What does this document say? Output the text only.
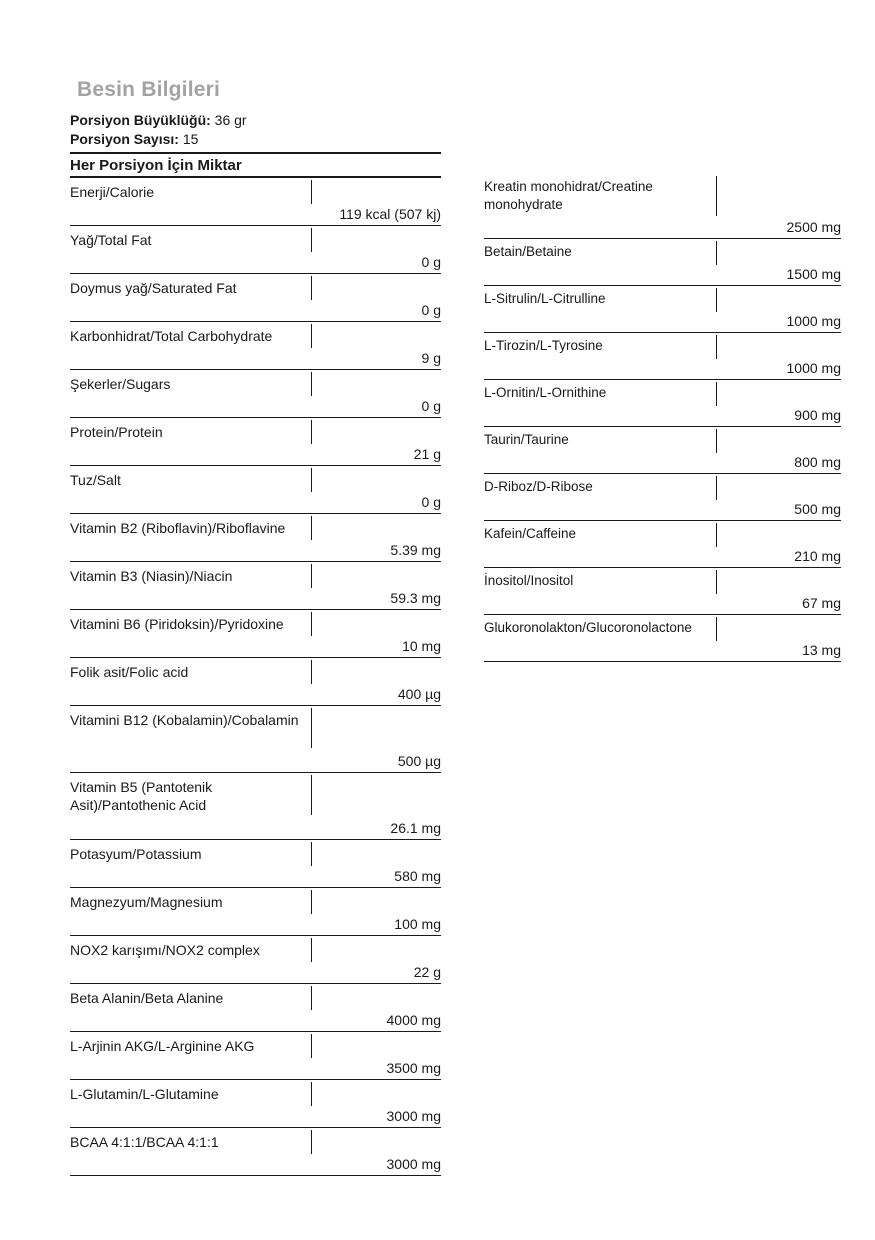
Besin Bilgileri
Porsiyon Büyüklüğü: 36 gr
Porsiyon Sayısı: 15
Her Porsiyon İçin Miktar
Enerji/Calorie
119 kcal (507 kj)
Yağ/Total Fat
0 g
Doymus yağ/Saturated Fat
0 g
Karbonhidrat/Total Carbohydrate
9 g
Şekerler/Sugars
0 g
Protein/Protein
21 g
Tuz/Salt
0 g
Vitamin B2 (Riboflavin)/Riboflavine
5.39 mg
Vitamin B3 (Niasin)/Niacin
59.3 mg
Vitamini B6 (Piridoksin)/Pyridoxine
10 mg
Folik asit/Folic acid
400 µg
Vitamini B12 (Kobalamin)/Cobalamin
500 µg
Vitamin B5 (Pantotenik Asit)/Pantothenic Acid
26.1 mg
Potasyum/Potassium
580 mg
Magnezyum/Magnesium
100 mg
NOX2 karışımı/NOX2 complex
22 g
Beta Alanin/Beta Alanine
4000 mg
L-Arjinin AKG/L-Arginine AKG
3500 mg
L-Glutamin/L-Glutamine
3000 mg
BCAA 4:1:1/BCAA 4:1:1
3000 mg
Kreatin monohidrat/Creatine monohydrate
2500 mg
Betain/Betaine
1500 mg
L-Sitrulin/L-Citrulline
1000 mg
L-Tirozin/L-Tyrosine
1000 mg
L-Ornitin/L-Ornithine
900 mg
Taurin/Taurine
800 mg
D-Riboz/D-Ribose
500 mg
Kafein/Caffeine
210 mg
İnositol/Inositol
67 mg
Glukoronolakton/Glucoronolactone
13 mg
